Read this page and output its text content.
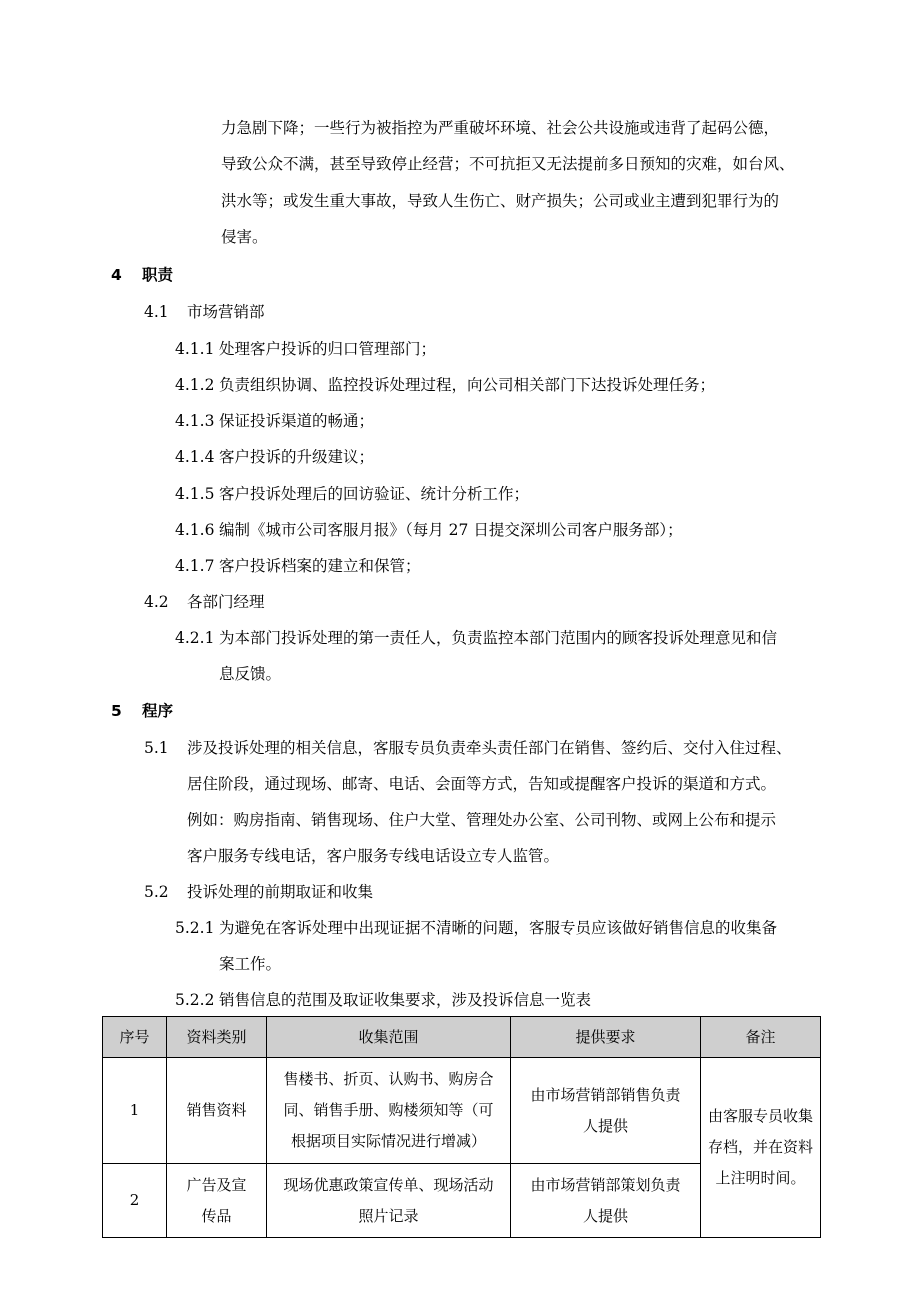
力急剧下降；一些行为被指控为严重破坏环境、社会公共设施或违背了起码公德，
导致公众不满，甚至导致停止经营；不可抗拒又无法提前多日预知的灾难，如台风、
洪水等；或发生重大事故，导致人生伤亡、财产损失；公司或业主遭到犯罪行为的
侵害。
4 职责
4.1 市场营销部
4.1.1 处理客户投诉的归口管理部门；
4.1.2 负责组织协调、监控投诉处理过程，向公司相关部门下达投诉处理任务；
4.1.3 保证投诉渠道的畅通；
4.1.4 客户投诉的升级建议；
4.1.5 客户投诉处理后的回访验证、统计分析工作；
4.1.6 编制《城市公司客服月报》（每月 27 日提交深圳公司客户服务部）；
4.1.7 客户投诉档案的建立和保管；
4.2 各部门经理
4.2.1 为本部门投诉处理的第一责任人，负责监控本部门范围内的顾客投诉处理意见和信
息反馈。
5 程序
5.1 涉及投诉处理的相关信息，客服专员负责牵头责任部门在销售、签约后、交付入住过程、
居住阶段，通过现场、邮寄、电话、会面等方式，告知或提醒客户投诉的渠道和方式。
例如：购房指南、销售现场、住户大堂、管理处办公室、公司刊物、或网上公布和提示
客户服务专线电话，客户服务专线电话设立专人监管。
5.2 投诉处理的前期取证和收集
5.2.1 为避免在客诉处理中出现证据不清晰的问题，客服专员应该做好销售信息的收集备
案工作。
5.2.2 销售信息的范围及取证收集要求，涉及投诉信息一览表
序号	资料类别	收集范围	提供要求	备注
1	销售资料	售楼书、折页、认购书、购房合
同、销售手册、购楼须知等（可
根据项目实际情况进行增减）	由市场营销部销售负责
人提供	由客服专员收集
存档，并在资料
上注明时间。

2	广告及宣
传品	现场优惠政策宣传单、现场活动
照片记录	由市场营销部策划负责
人提供	
